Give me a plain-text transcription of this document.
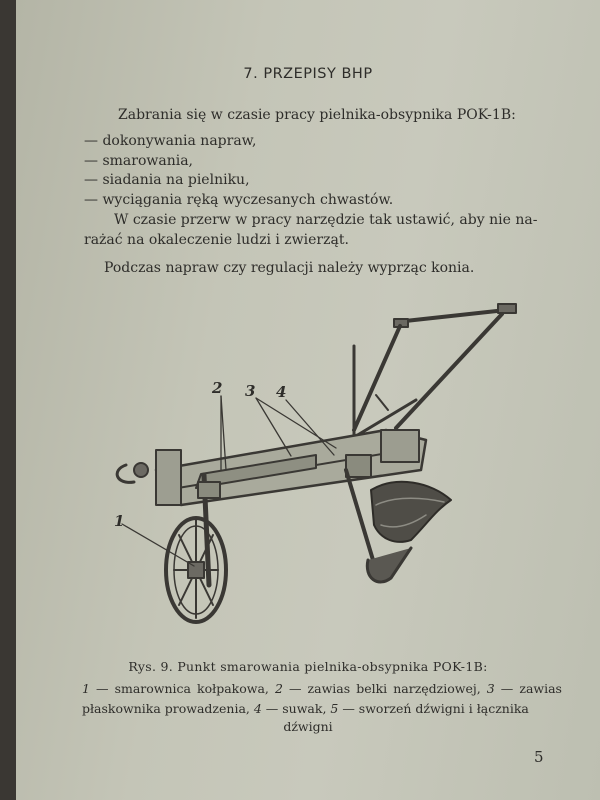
7. PRZEPISY BHP
Zabrania się w czasie pracy pielnika-obsypnika POK-1B:
— dokonywania napraw,
— smarowania,
— siadania na pielniku,
— wyciągania ręką wyczesanych chwastów.
W czasie przerw w pracy narzędzie tak ustawić, aby nie na-
rażać na okaleczenie ludzi i zwierząt.
Podczas napraw czy regulacji należy wyprząc konia.
2 3 4
1
Rys. 9. Punkt smarowania pielnika-obsypnika POK-1B:
1 — smarownica kołpakowa, 2 — zawias belki narzędziowej, 3 — zawias płaskownika prowadzenia, 4 — suwak, 5 — sworzeń dźwigni i łącznika
dźwigni
5
